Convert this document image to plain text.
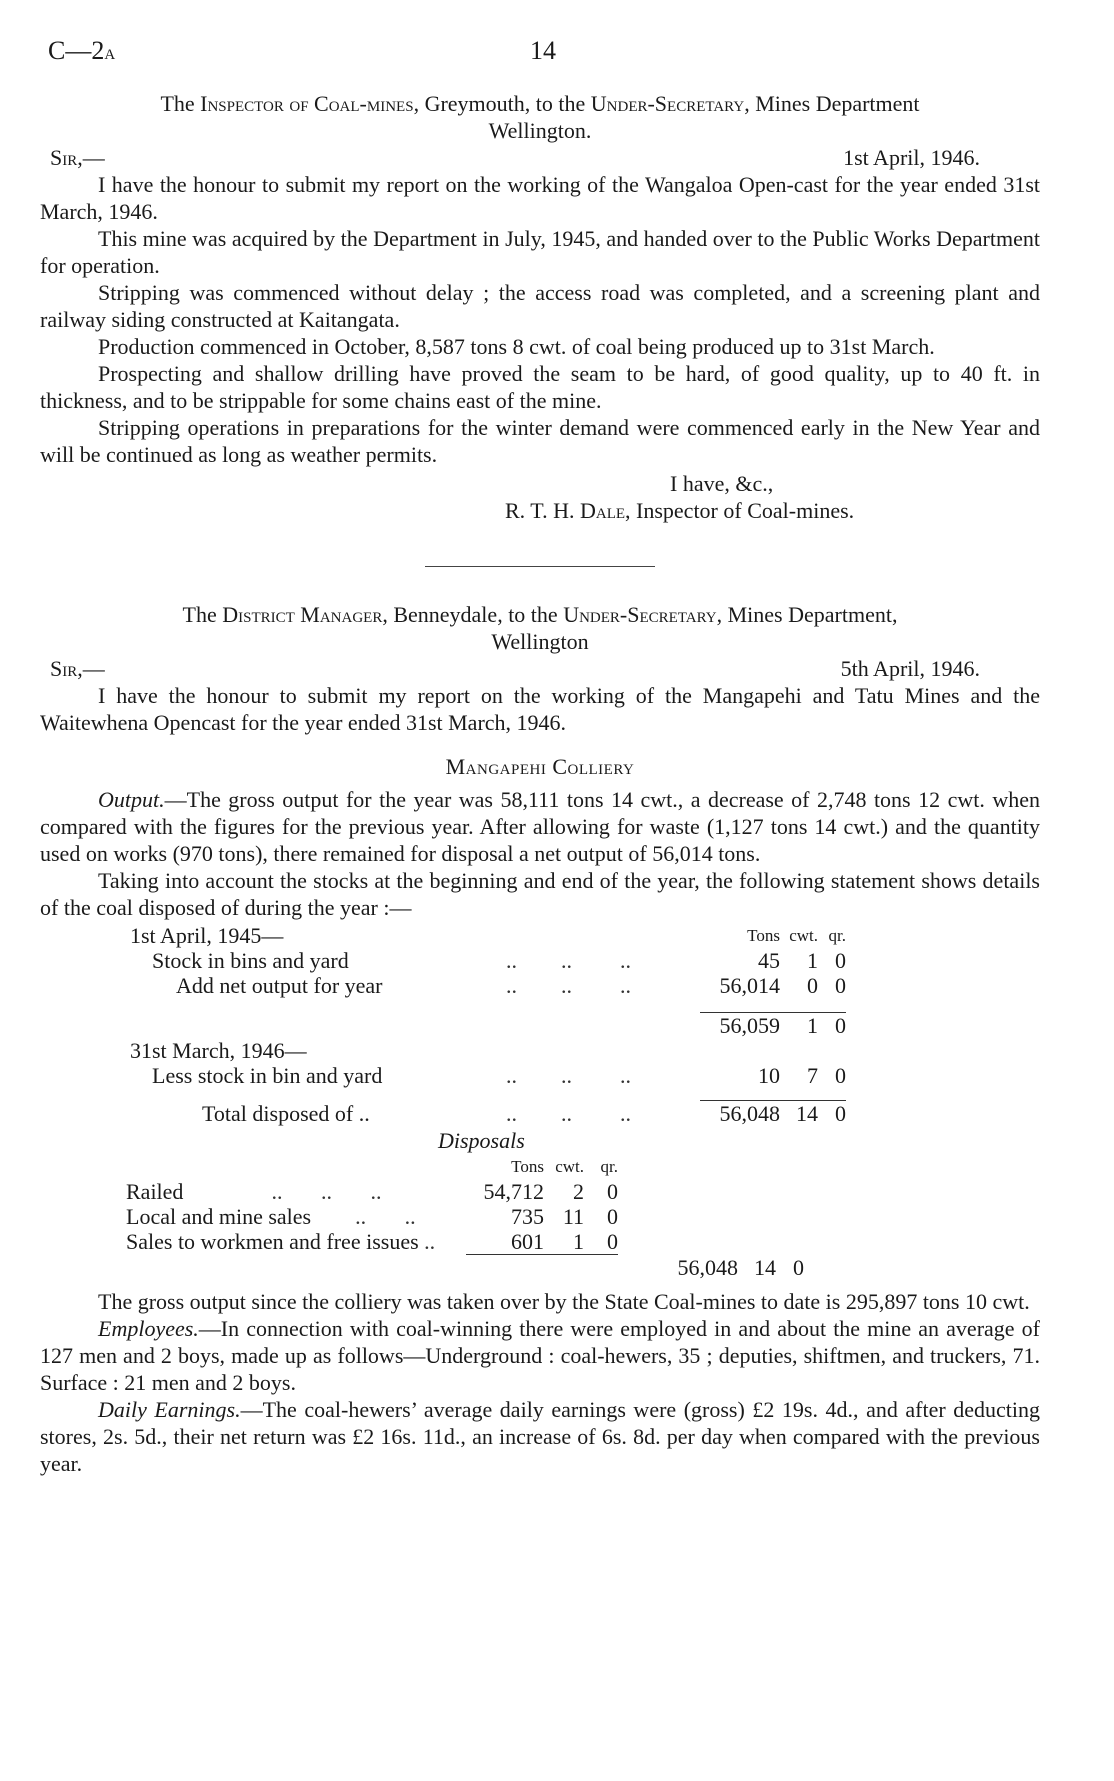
C—2A	14
The Inspector of Coal-mines, Greymouth, to the Under-Secretary, Mines Department
Wellington.
Sir,—	1st April, 1946.

I have the honour to submit my report on the working of the Wangaloa Open-cast for the year ended 31st March, 1946.

This mine was acquired by the Department in July, 1945, and handed over to the Public Works Department for operation.

Stripping was commenced without delay ; the access road was completed, and a screening plant and railway siding constructed at Kaitangata.

Production commenced in October, 8,587 tons 8 cwt. of coal being produced up to 31st March.

Prospecting and shallow drilling have proved the seam to be hard, of good quality, up to 40 ft. in thickness, and to be strippable for some chains east of the mine.

Stripping operations in preparations for the winter demand were commenced early in the New Year and will be continued as long as weather permits.

I have, &c.,
R. T. H. Dale, Inspector of Coal-mines.
The District Manager, Benneydale, to the Under-Secretary, Mines Department,
Wellington
Sir,—	5th April, 1946.

I have the honour to submit my report on the working of the Mangapehi and Tatu Mines and the Waitewhena Opencast for the year ended 31st March, 1946.

Mangapehi Colliery

Output.—The gross output for the year was 58,111 tons 14 cwt., a decrease of 2,748 tons 12 cwt. when compared with the figures for the previous year. After allowing for waste (1,127 tons 14 cwt.) and the quantity used on works (970 tons), there remained for disposal a net output of 56,014 tons.

Taking into account the stocks at the beginning and end of the year, the following statement shows details of the coal disposed of during the year :—

1st April, 1945—			Tons	cwt.	qr.
Stock in bins and yard	..        ..	..	45	1	0
Add net output for year	..        ..	..	56,014	0	0

			56,059	1	0
31st March, 1946—					
Less stock in bin and yard	..        ..	..	10	7	0

Total disposed of ..	..        ..	..	56,048	14	0
Disposals
	Tons	cwt.	qr.			
Railed ..       ..       ..	54,712	2	0			
Local and mine sales ..       ..	735	11	0			
Sales to workmen and free issues ..	601	1	0			
				56,048	14	0

The gross output since the colliery was taken over by the State Coal-mines to date is 295,897 tons 10 cwt.

Employees.—In connection with coal-winning there were employed in and about the mine an average of 127 men and 2 boys, made up as follows—Underground : coal-hewers, 35 ; deputies, shiftmen, and truckers, 71. Surface : 21 men and 2 boys.

Daily Earnings.—The coal-hewers’ average daily earnings were (gross) £2 19s. 4d., and after deducting stores, 2s. 5d., their net return was £2 16s. 11d., an increase of 6s. 8d. per day when compared with the previous year.
